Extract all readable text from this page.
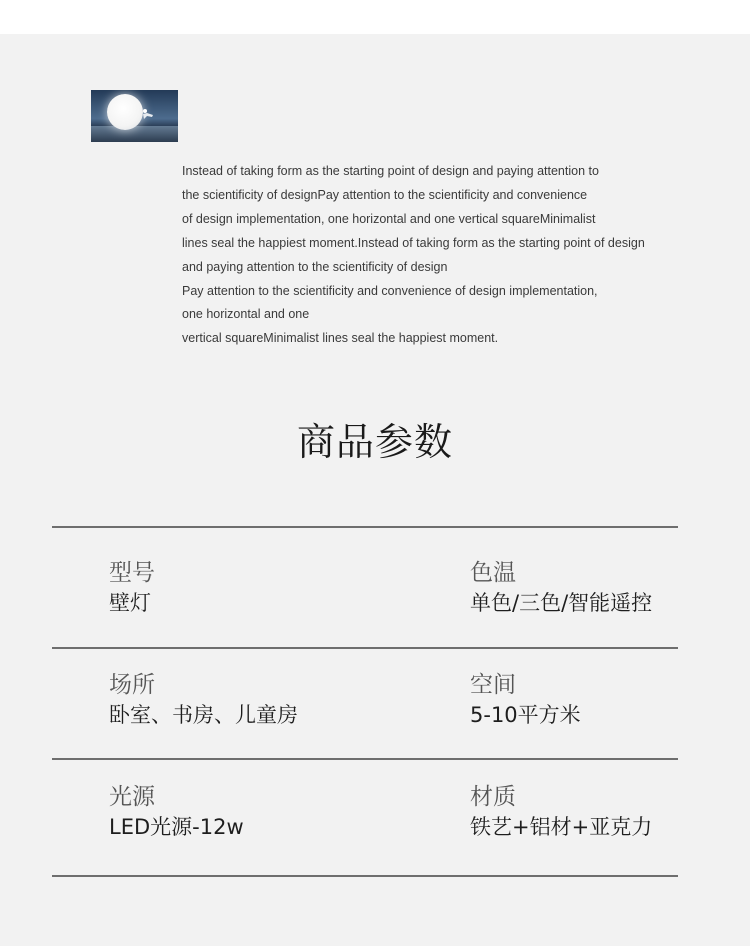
Instead of taking form as the starting point of design and paying attention to
the scientificity of designPay attention to the scientificity and convenience
of design implementation, one horizontal and one vertical squareMinimalist
lines seal the happiest moment.Instead of taking form as the starting point of design
and paying attention to the scientificity of design
Pay attention to the scientificity and convenience of design implementation,
one horizontal and one
vertical squareMinimalist lines seal the happiest moment.
商品参数
型号
壁灯
色温
单色/三色/智能遥控
场所
卧室、书房、儿童房
空间
5-10平方米
光源
LED光源-12w
材质
铁艺+铝材+亚克力
